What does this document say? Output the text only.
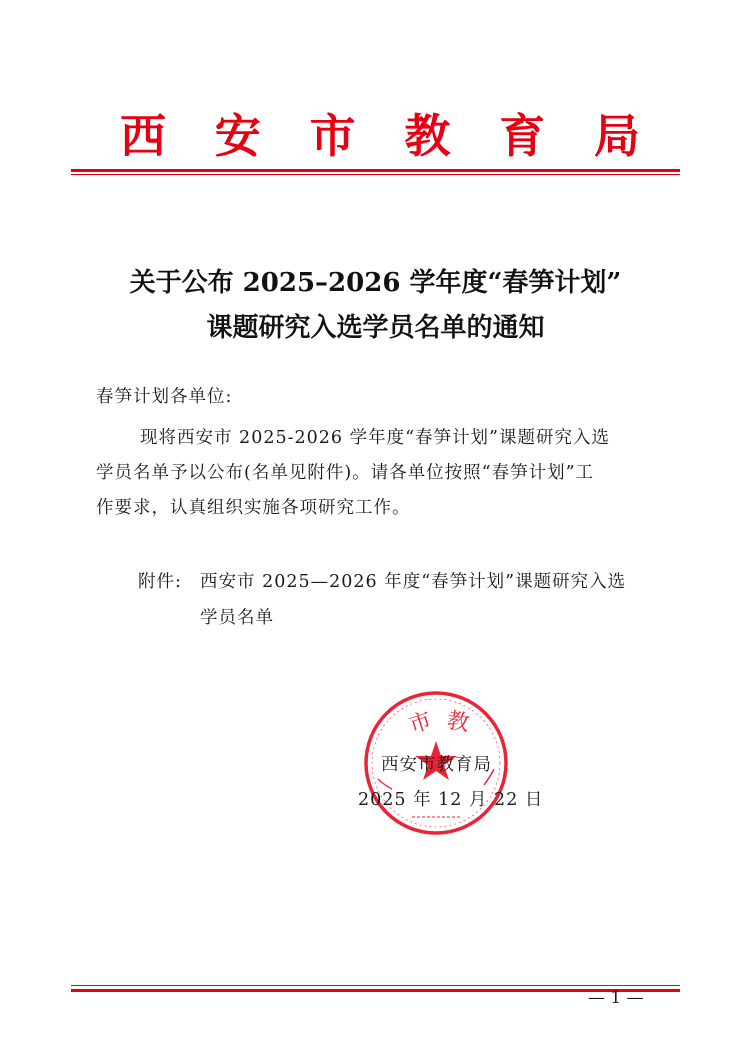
西 安 市 教 育 局
关于公布 2025–2026 学年度“春笋计划”
课题研究入选学员名单的通知
春笋计划各单位:
现将西安市 2025-2026 学年度“春笋计划”课题研究入选
学员名单予以公布(名单见附件)。请各单位按照“春笋计划”工
作要求，认真组织实施各项研究工作。
附件: 西安市 2025—2026 年度“春笋计划”课题研究入选
学员名单
市 教
西安市教育局
2025 年 12 月 22 日
— 1 —
